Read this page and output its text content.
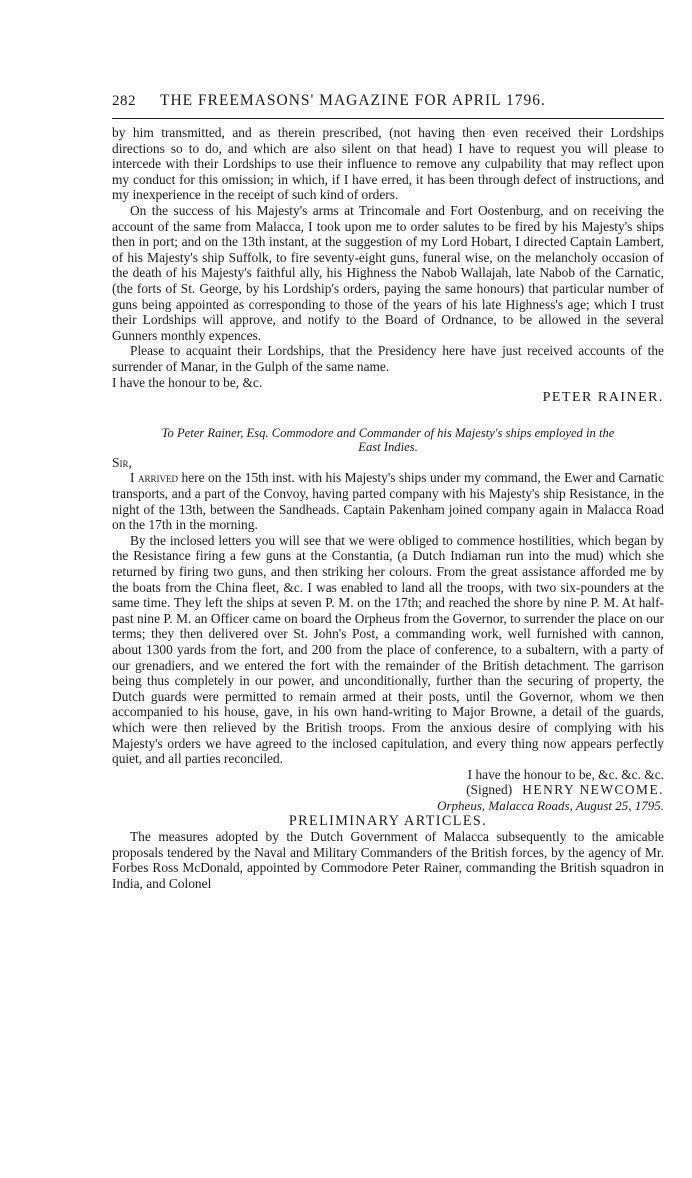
282	THE FREEMASONS' MAGAZINE FOR APRIL 1796.

by him transmitted, and as therein prescribed, (not having then even received their Lordships directions so to do, and which are also silent on that head) I have to request you will please to intercede with their Lordships to use their influence to remove any culpability that may reflect upon my conduct for this omission; in which, if I have erred, it has been through defect of instructions, and my inexperience in the receipt of such kind of orders.

On the success of his Majesty's arms at Trincomale and Fort Oostenburg, and on receiving the account of the same from Malacca, I took upon me to order salutes to be fired by his Majesty's ships then in port; and on the 13th instant, at the suggestion of my Lord Hobart, I directed Captain Lambert, of his Majesty's ship Suffolk, to fire seventy-eight guns, funeral wise, on the melancholy occasion of the death of his Majesty's faithful ally, his Highness the Nabob Wallajah, late Nabob of the Carnatic, (the forts of St. George, by his Lordship's orders, paying the same honours) that particular number of guns being appointed as corresponding to those of the years of his late Highness's age; which I trust their Lordships will approve, and notify to the Board of Ordnance, to be allowed in the several Gunners monthly expences.

Please to acquaint their Lordships, that the Presidency here have just received accounts of the surrender of Manar, in the Gulph of the same name.

I have the honour to be, &c.

PETER RAINER.

To Peter Rainer, Esq. Commodore and Commander of his Majesty's ships employed in the
East Indies.

Sir,

I arrived here on the 15th inst. with his Majesty's ships under my command, the Ewer and Carnatic transports, and a part of the Convoy, having parted company with his Majesty's ship Resistance, in the night of the 13th, between the Sandheads. Captain Pakenham joined company again in Malacca Road on the 17th in the morning.

By the inclosed letters you will see that we were obliged to commence hostilities, which began by the Resistance firing a few guns at the Constantia, (a Dutch Indiaman run into the mud) which she returned by firing two guns, and then striking her colours. From the great assistance afforded me by the boats from the China fleet, &c. I was enabled to land all the troops, with two six-pounders at the same time. They left the ships at seven P. M. on the 17th; and reached the shore by nine P. M. At half-past nine P. M. an Officer came on board the Orpheus from the Governor, to surrender the place on our terms; they then delivered over St. John's Post, a commanding work, well furnished with cannon, about 1300 yards from the fort, and 200 from the place of conference, to a subaltern, with a party of our grenadiers, and we entered the fort with the remainder of the British detachment. The garrison being thus completely in our power, and unconditionally, further than the securing of property, the Dutch guards were permitted to remain armed at their posts, until the Governor, whom we then accompanied to his house, gave, in his own hand-writing to Major Browne, a detail of the guards, which were then relieved by the British troops. From the anxious desire of complying with his Majesty's orders we have agreed to the inclosed capitulation, and every thing now appears perfectly quiet, and all parties reconciled.

I have the honour to be, &c. &c. &c.

(Signed) HENRY NEWCOME.

Orpheus, Malacca Roads, August 25, 1795.

PRELIMINARY ARTICLES.

The measures adopted by the Dutch Government of Malacca subsequently to the amicable proposals tendered by the Naval and Military Commanders of the British forces, by the agency of Mr. Forbes Ross McDonald, appointed by Commodore Peter Rainer, commanding the British squadron in India, and Colonel
